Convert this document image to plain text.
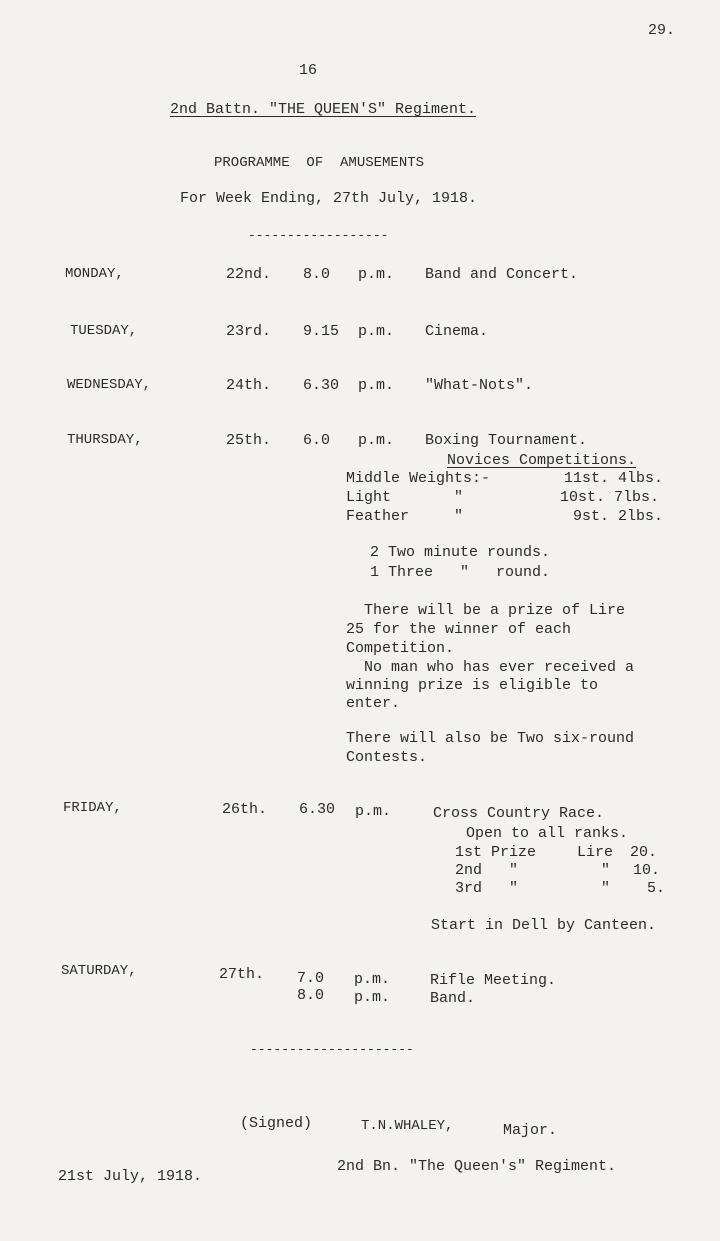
29.
16
2nd Battn. "THE QUEEN'S" Regiment.
PROGRAMME  OF  AMUSEMENTS
For Week Ending, 27th July, 1918.
------------------
MONDAY,	22nd. 8.0 p.m. Band and Concert.
TUESDAY,	23rd. 9.15 p.m. Cinema.
WEDNESDAY,	24th. 6.30 p.m. "What-Nots".
THURSDAY,	25th. 6.0 p.m. Boxing Tournament.
Novices Competitions.
Middle Weights:-	11st. 4lbs.
Light       "	10st. 7lbs.
Feather     "	9st. 2lbs.
2 Two minute rounds.
1 Three   "   round.
There will be a prize of Lire
25 for the winner of each
Competition.
No man who has ever received a
winning prize is eligible to
enter.
There will also be Two six-round
Contests.
FRIDAY,	26th. 6.30 p.m.	Cross Country Race.
Open to all ranks.
1st Prize	Lire 20.
2nd   "	" 10.
3rd   "	" 5.
Start in Dell by Canteen.
SATURDAY,	27th. 7.0 p.m.	Rifle Meeting.
8.0 p.m.	Band.
---------------------
(Signed)	T.N.WHALEY,	Major.
2nd Bn. "The Queen's" Regiment.
21st July, 1918.
